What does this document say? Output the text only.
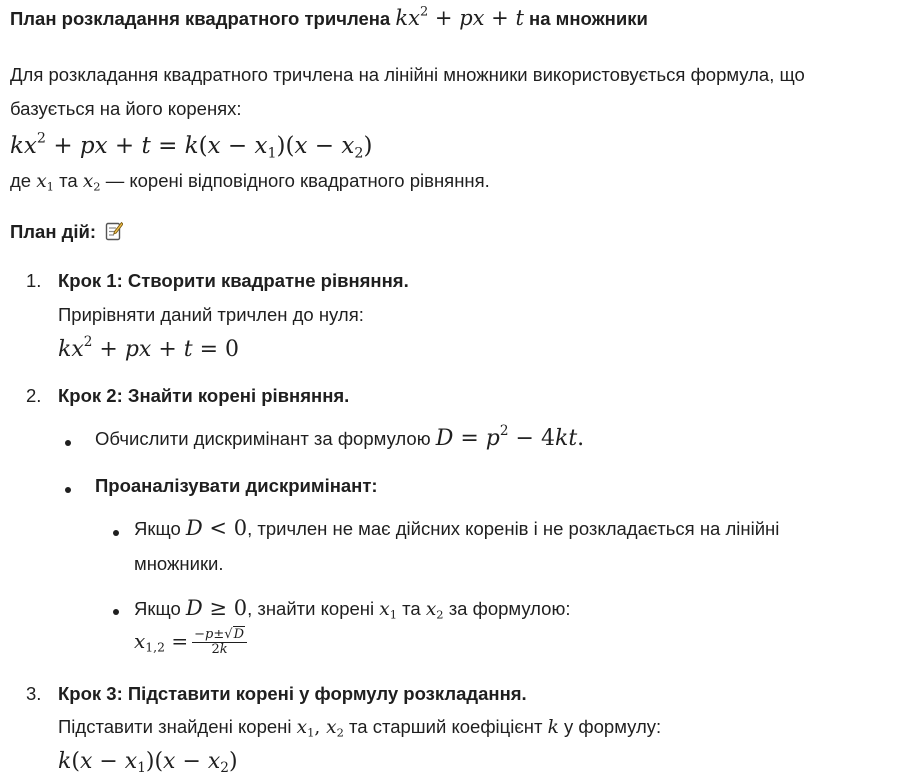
План розкладання квадратного тричлена $kx^2$ + px + t на множники
Для розкладання квадратного тричлена на лінійні множники використовується формула, що
базується на його коренях:
$kx^2$ + px + $t = k(x - x_1)(x - x_2)$
де $x_1$ та $x_2$ — корені відповідного квадратного рівняння.
План дій:
1. Крок 1: Створити квадратне рівняння.
Прирівняти даний тричлен до нуля:
$kx^2$ + px + t = 0
2. Крок 2: Знайти корені рівняння.
Обчислити дискримінант за формулою $D = p^2 - 4kt$.
Проаналізувати дискримінант:
Якщо D < 0, тричлен не має дійсних коренів і не розкладається на лінійні
множники.
Якщо D ≥ 0, знайти корені $x_1$ та $x_2$ за формулою:
$x_{1,2} = \frac{-p\pm√D}{2k}$
3. Крок 3: Підставити корені у формулу розкладання.
Підставити знайдені корені $x_1$, $x_2$ та старший коефіцієнт k у формулу:
$k(x - x_1)(x - x_2)$
